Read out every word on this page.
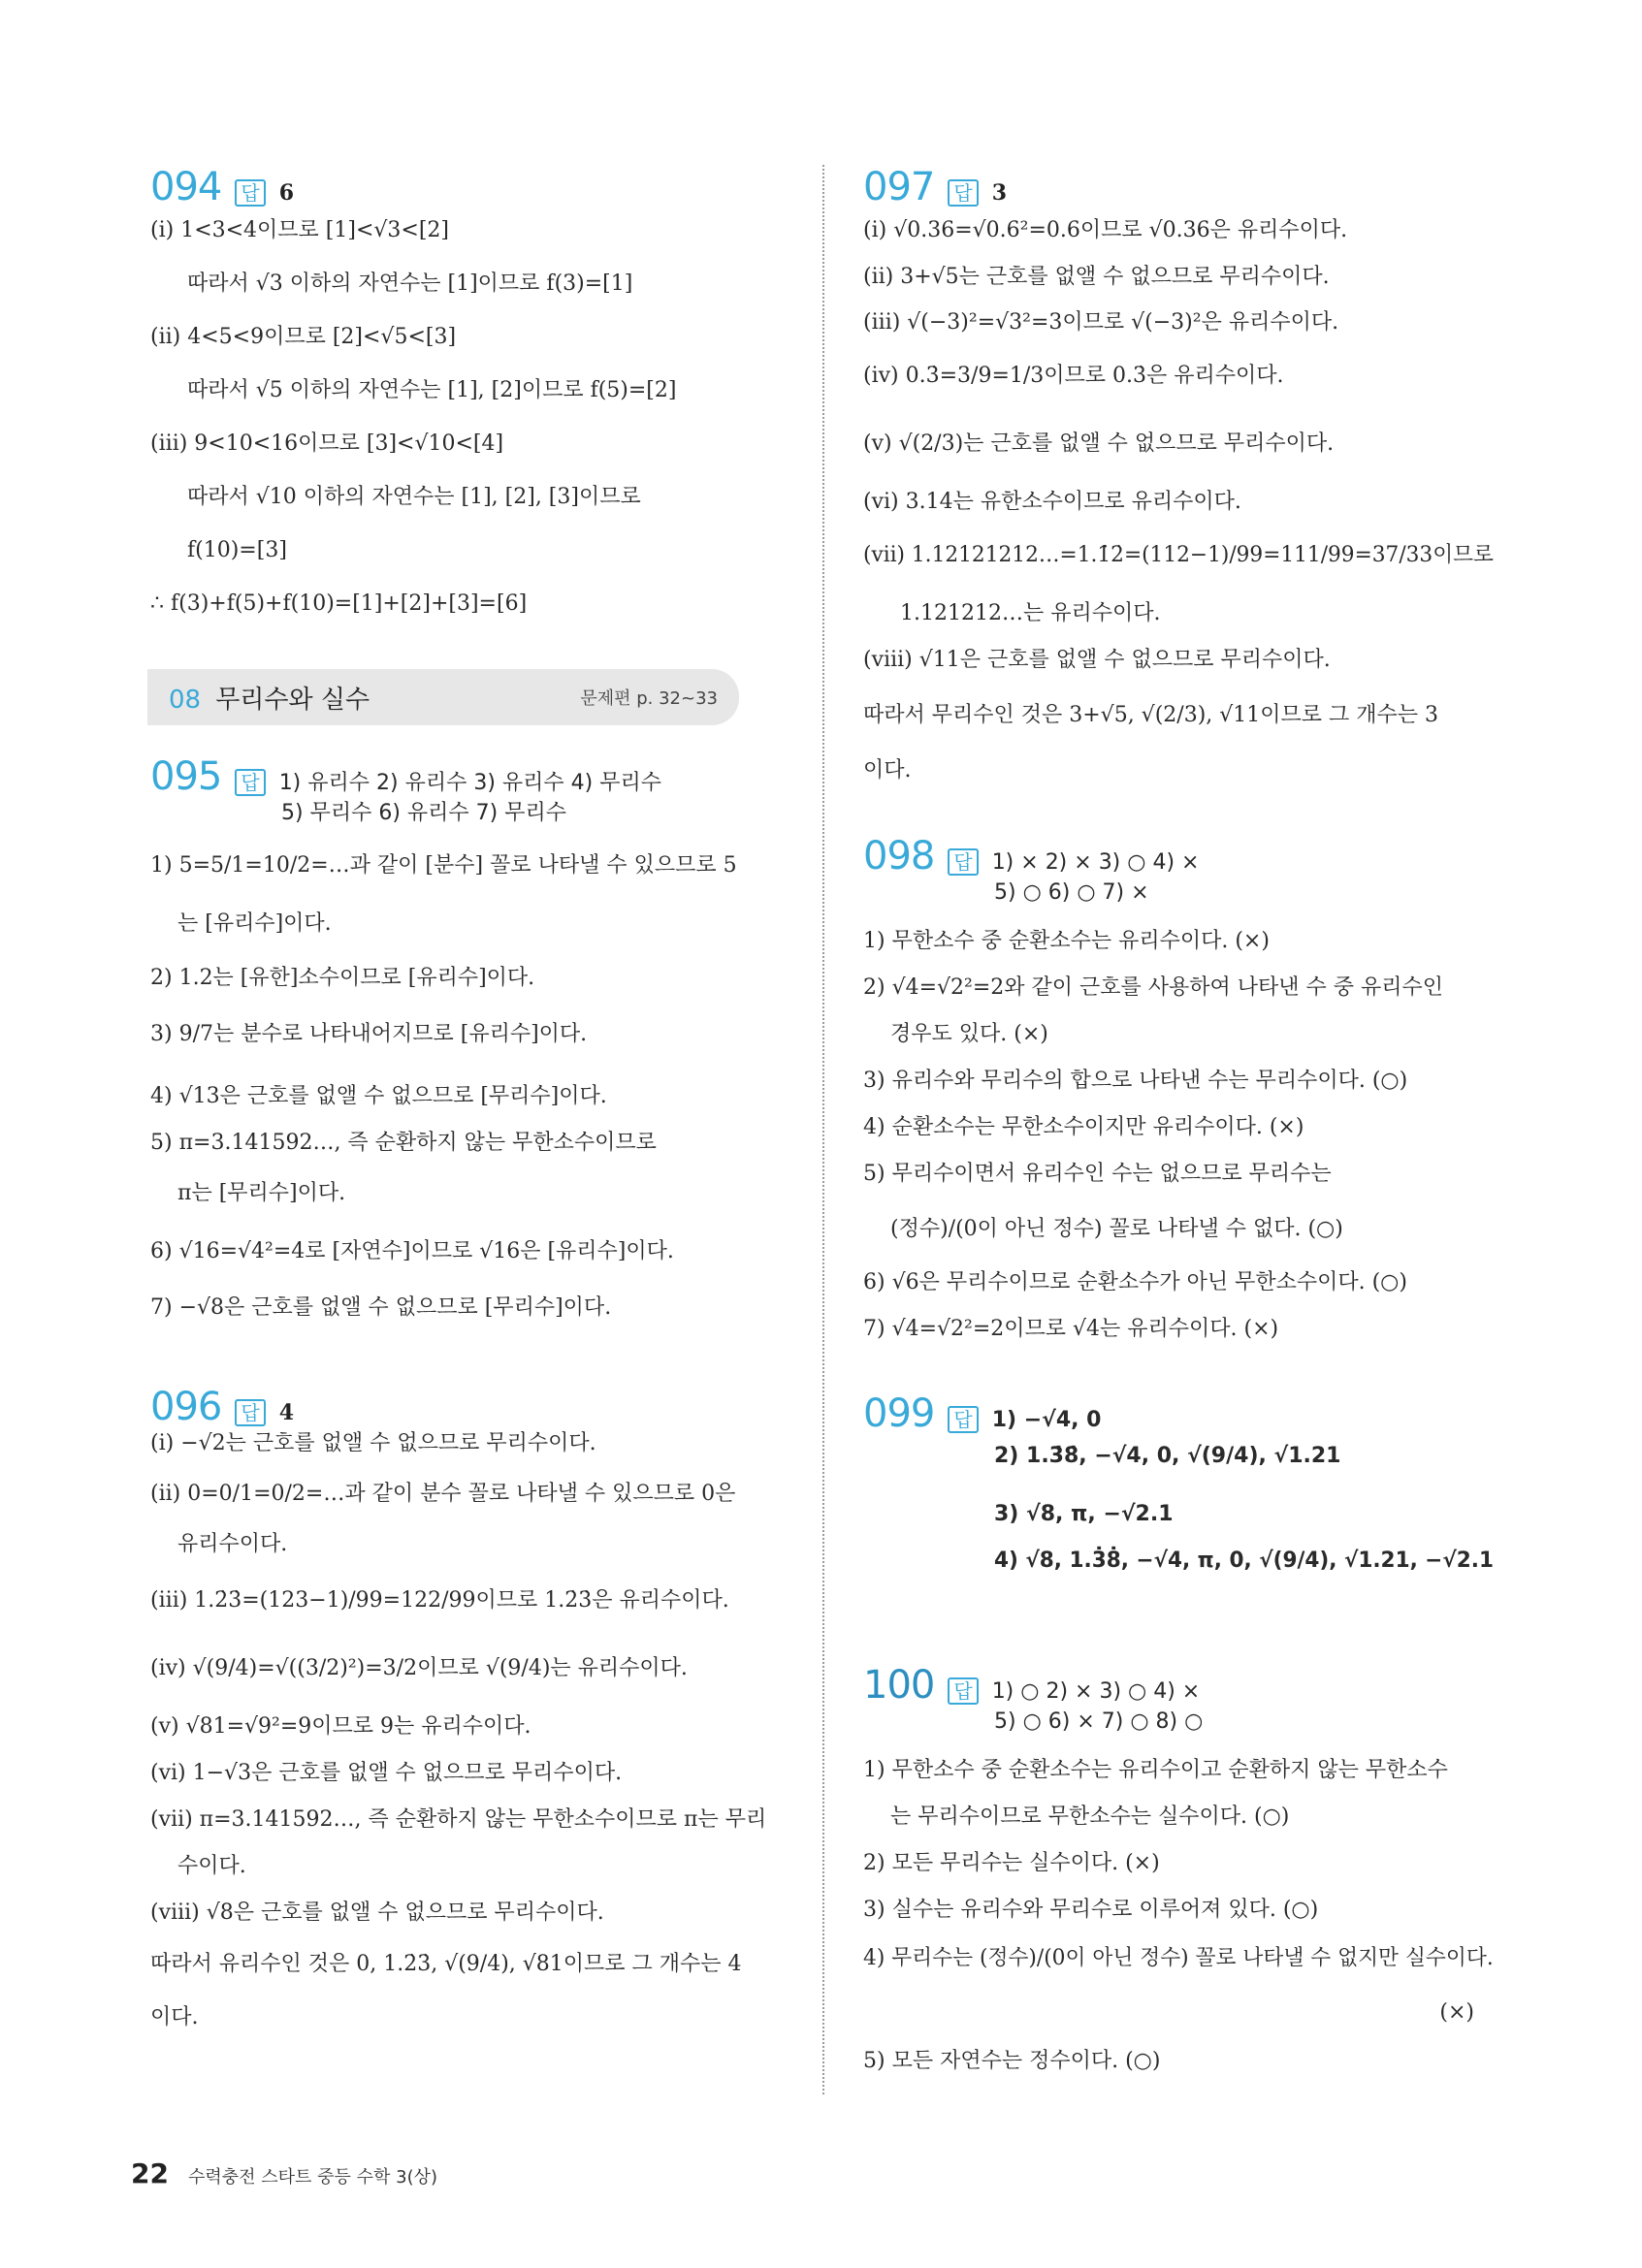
094	답 6

(ⅰ) 1<3<4이므로 [1]<√3<[2]

따라서 √3 이하의 자연수는 [1]이므로 f(3)=[1]

(ⅱ) 4<5<9이므로 [2]<√5<[3]

따라서 √5 이하의 자연수는 [1], [2]이므로 f(5)=[2]

(ⅲ) 9<10<16이므로 [3]<√10<[4]

따라서 √10 이하의 자연수는 [1], [2], [3]이므로

f(10)=[3]

∴ f(3)+f(5)+f(10)=[1]+[2]+[3]=[6]

08 무리수와 실수	문제편 p. 32~33
095	답 1) 유리수 2) 유리수 3) 유리수 4) 무리수
5) 무리수 6) 유리수 7) 무리수

1) 5=5/1=10/2=…과 같이 [분수] 꼴로 나타낼 수 있으므로 5

는 [유리수]이다.

2) 1.2는 [유한]소수이므로 [유리수]이다.

3) 9/7는 분수로 나타내어지므로 [유리수]이다.

4) √13은 근호를 없앨 수 없으므로 [무리수]이다.

5) π=3.141592…, 즉 순환하지 않는 무한소수이므로

π는 [무리수]이다.

6) √16=√4²=4로 [자연수]이므로 √16은 [유리수]이다.

7) −√8은 근호를 없앨 수 없으므로 [무리수]이다.

096	답 4

(ⅰ) −√2는 근호를 없앨 수 없으므로 무리수이다.

(ⅱ) 0=0/1=0/2=…과 같이 분수 꼴로 나타낼 수 있으므로 0은

유리수이다.

(ⅲ) 1.2̇3̇=(123−1)/99=122/99이므로 1.2̇3̇은 유리수이다.

(ⅳ) √(9/4)=√((3/2)²)=3/2이므로 √(9/4)는 유리수이다.

(ⅴ) √81=√9²=9이므로 9는 유리수이다.

(ⅵ) 1−√3은 근호를 없앨 수 없으므로 무리수이다.

(ⅶ) π=3.141592…, 즉 순환하지 않는 무한소수이므로 π는 무리

수이다.

(ⅷ) √8은 근호를 없앨 수 없으므로 무리수이다.

따라서 유리수인 것은 0, 1.2̇3̇, √(9/4), √81이므로 그 개수는 4

이다.

097	답 3

(ⅰ) √0.36=√0.6²=0.6이므로 √0.36은 유리수이다.

(ⅱ) 3+√5는 근호를 없앨 수 없으므로 무리수이다.

(ⅲ) √(−3)²=√3²=3이므로 √(−3)²은 유리수이다.

(ⅳ) 0.3̇=3/9=1/3이므로 0.3̇은 유리수이다.

(ⅴ) √(2/3)는 근호를 없앨 수 없으므로 무리수이다.

(ⅵ) 3.14는 유한소수이므로 유리수이다.

(ⅶ) 1.12121212…=1.1̇2̇=(112−1)/99=111/99=37/33이므로

1.121212…는 유리수이다.

(ⅷ) √11은 근호를 없앨 수 없으므로 무리수이다.

따라서 무리수인 것은 3+√5, √(2/3), √11이므로 그 개수는 3

이다.

098	답 1) × 2) × 3) ○ 4) ×
5) ○ 6) ○ 7) ×

1) 무한소수 중 순환소수는 유리수이다. (×)

2) √4=√2²=2와 같이 근호를 사용하여 나타낸 수 중 유리수인

경우도 있다. (×)

3) 유리수와 무리수의 합으로 나타낸 수는 무리수이다. (○)

4) 순환소수는 무한소수이지만 유리수이다. (×)

5) 무리수이면서 유리수인 수는 없으므로 무리수는

(정수)/(0이 아닌 정수) 꼴로 나타낼 수 없다. (○)

6) √6은 무리수이므로 순환소수가 아닌 무한소수이다. (○)

7) √4=√2²=2이므로 √4는 유리수이다. (×)

099	답 1) −√4, 0
2) 1.3̇8̇, −√4, 0, √(9/4), √1.21
3) √8, π, −√2.1
4) √8, 1.3̇8̇, −√4, π, 0, √(9/4), √1.21, −√2.1
100	답 1) ○ 2) × 3) ○ 4) ×
5) ○ 6) × 7) ○ 8) ○

1) 무한소수 중 순환소수는 유리수이고 순환하지 않는 무한소수

는 무리수이므로 무한소수는 실수이다. (○)

2) 모든 무리수는 실수이다. (×)

3) 실수는 유리수와 무리수로 이루어져 있다. (○)

4) 무리수는 (정수)/(0이 아닌 정수) 꼴로 나타낼 수 없지만 실수이다.

(×)

5) 모든 자연수는 정수이다. (○)

22 수력충전 스타트 중등 수학 3(상)
